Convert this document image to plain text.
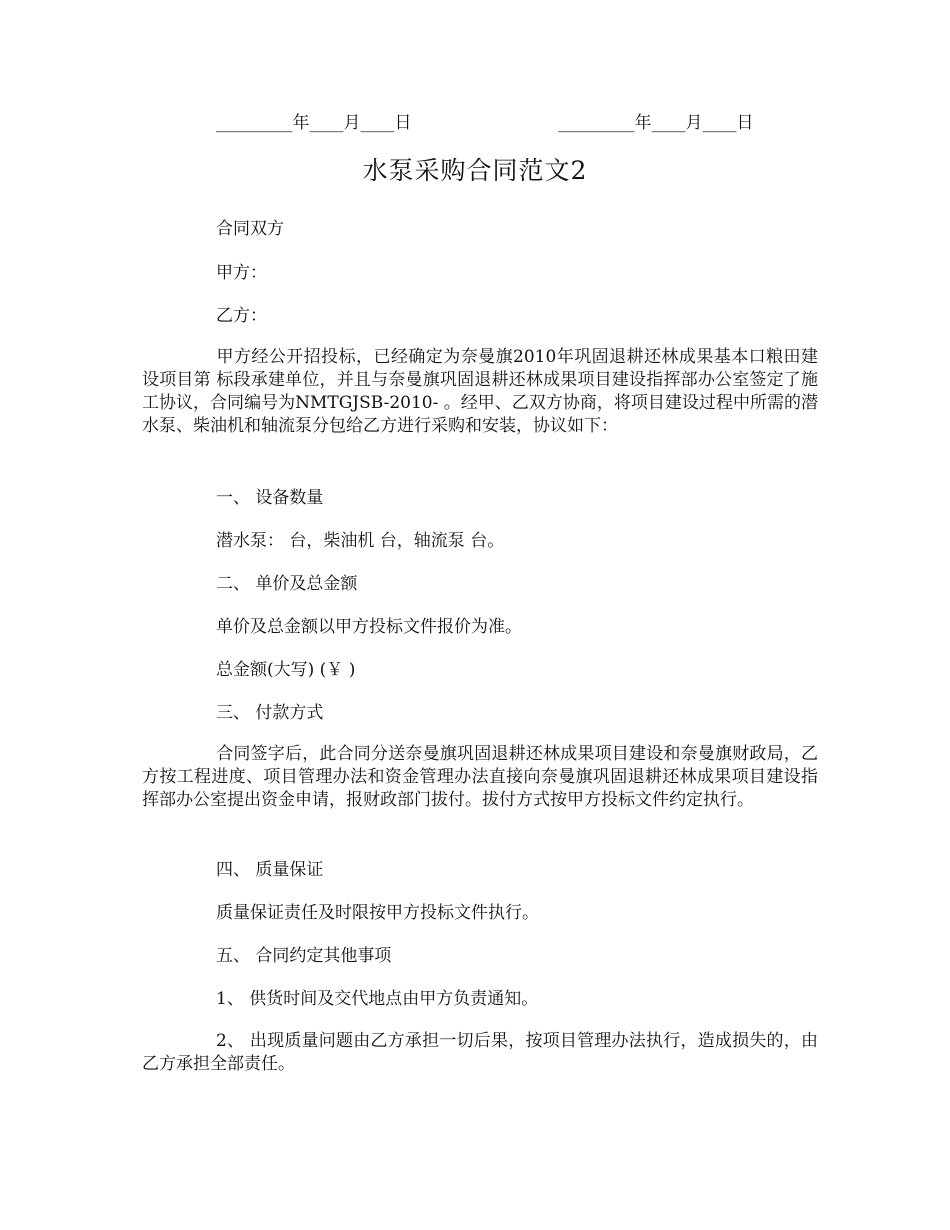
_________年____月____日	_________年____月____日
水泵采购合同范文2
合同双方
甲方：
乙方：
甲方经公开招投标，已经确定为奈曼旗2010年巩固退耕还林成果基本口粮田建设项目第 标段承建单位，并且与奈曼旗巩固退耕还林成果项目建设指挥部办公室签定了施工协议，合同编号为NMTGJSB-2010- 。经甲、乙双方协商，将项目建设过程中所需的潜水泵、柴油机和轴流泵分包给乙方进行采购和安装，协议如下：
一、 设备数量
潜水泵： 台，柴油机 台，轴流泵 台。
二、 单价及总金额
单价及总金额以甲方投标文件报价为准。
总金额(大写) (￥ )
三、 付款方式
合同签字后，此合同分送奈曼旗巩固退耕还林成果项目建设和奈曼旗财政局，乙方按工程进度、项目管理办法和资金管理办法直接向奈曼旗巩固退耕还林成果项目建设指挥部办公室提出资金申请，报财政部门拔付。拔付方式按甲方投标文件约定执行。
四、 质量保证
质量保证责任及时限按甲方投标文件执行。
五、 合同约定其他事项
1、 供货时间及交代地点由甲方负责通知。
2、 出现质量问题由乙方承担一切后果，按项目管理办法执行，造成损失的，由乙方承担全部责任。
